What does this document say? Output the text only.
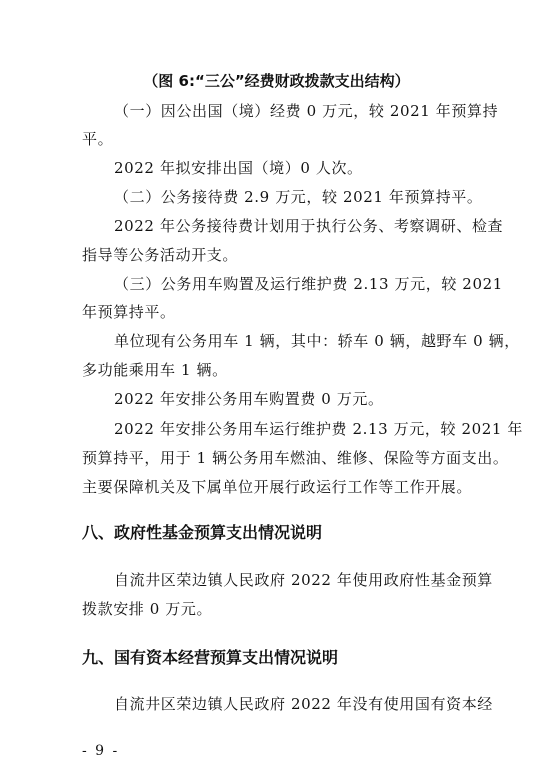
（图 6:“三公”经费财政拨款支出结构）
（一）因公出国（境）经费 0 万元，较 2021 年预算持
平。
2022 年拟安排出国（境）0 人次。
（二）公务接待费 2.9 万元，较 2021 年预算持平。
2022 年公务接待费计划用于执行公务、考察调研、检查
指导等公务活动开支。
（三）公务用车购置及运行维护费 2.13 万元，较 2021
年预算持平。
单位现有公务用车 1 辆，其中：轿车 0 辆，越野车 0 辆，
多功能乘用车 1 辆。
2022 年安排公务用车购置费 0 万元。
2022 年安排公务用车运行维护费 2.13 万元，较 2021 年
预算持平，用于 1 辆公务用车燃油、维修、保险等方面支出。
主要保障机关及下属单位开展行政运行工作等工作开展。
八、政府性基金预算支出情况说明
自流井区荣边镇人民政府 2022 年使用政府性基金预算
拨款安排 0 万元。
九、国有资本经营预算支出情况说明
自流井区荣边镇人民政府 2022 年没有使用国有资本经
- 9 -
